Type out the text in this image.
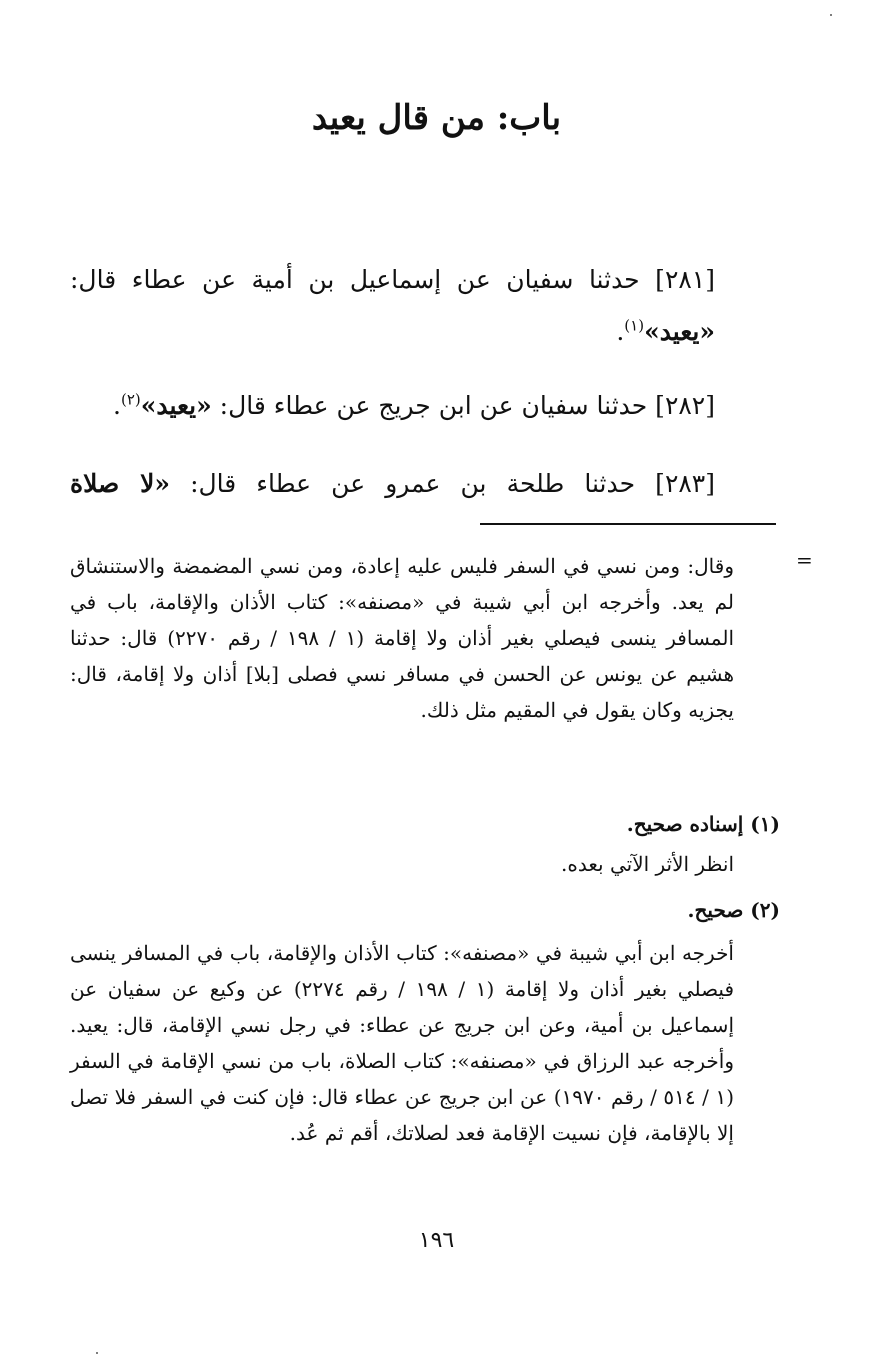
باب: من قال يعيد
[٢٨١] حدثنا سفيان عن إسماعيل بن أمية عن عطاء قال: «يعيد»$^{(١)}$.
[٢٨٢] حدثنا سفيان عن ابن جريج عن عطاء قال: «يعيد»$^{(٢)}$.
[٢٨٣] حدثنا طلحة بن عمرو عن عطاء قال: «لا صلاة
=
وقال: ومن نسي في السفر فليس عليه إعادة، ومن نسي المضمضة والاستنشاق لم يعد. وأخرجه ابن أبي شيبة في «مصنفه»: كتاب الأذان والإقامة، باب في المسافر ينسى فيصلي بغير أذان ولا إقامة (١ / ١٩٨ / رقم ٢٢٧٠) قال: حدثنا هشيم عن يونس عن الحسن في مسافر نسي فصلى [بلا] أذان ولا إقامة، قال: يجزيه وكان يقول في المقيم مثل ذلك.
(١) إسناده صحيح.
انظر الأثر الآتي بعده.
(٢) صحيح.
أخرجه ابن أبي شيبة في «مصنفه»: كتاب الأذان والإقامة، باب في المسافر ينسى فيصلي بغير أذان ولا إقامة (١ / ١٩٨ / رقم ٢٢٧٤) عن وكيع عن سفيان عن إسماعيل بن أمية، وعن ابن جريج عن عطاء: في رجل نسي الإقامة، قال: يعيد. وأخرجه عبد الرزاق في «مصنفه»: كتاب الصلاة، باب من نسي الإقامة في السفر (١ / ٥١٤ / رقم ١٩٧٠) عن ابن جريج عن عطاء قال: فإن كنت في السفر فلا تصل إلا بالإقامة، فإن نسيت الإقامة فعد لصلاتك، أقم ثم عُد.
١٩٦
